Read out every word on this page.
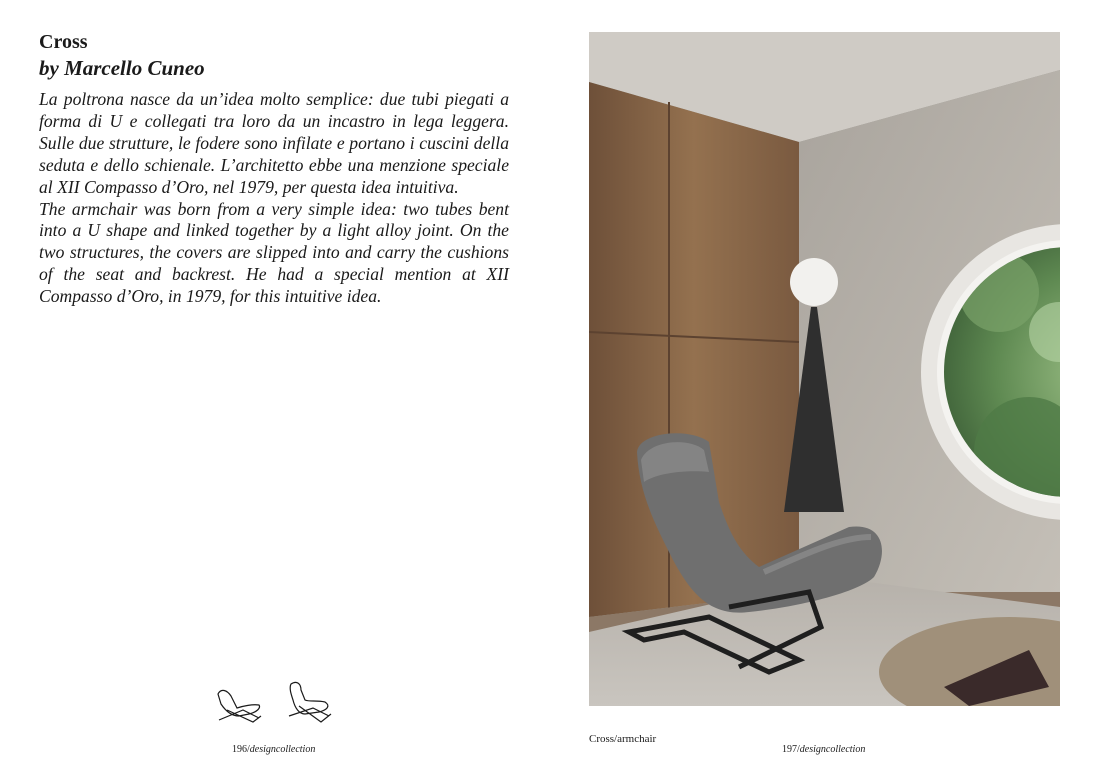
Cross
by Marcello Cuneo

La poltrona nasce da un’idea molto semplice: due tubi piegati a forma di U e collegati tra loro da un incastro in lega leggera. Sulle due strutture, le fodere sono infilate e portano i cuscini della seduta e dello schienale. L’architetto ebbe una menzione speciale al XII Compasso d’Oro, nel 1979, per questa idea intuitiva.

The armchair was born from a very simple idea: two tubes bent into a U shape and linked together by a light alloy joint. On the two structures, the covers are slipped into and carry the cushions of the seat and backrest. He had a special mention at XII Compasso d’Oro, in 1979, for this intuitive idea.

196/designcollection
Cross/armchair
197/designcollection
